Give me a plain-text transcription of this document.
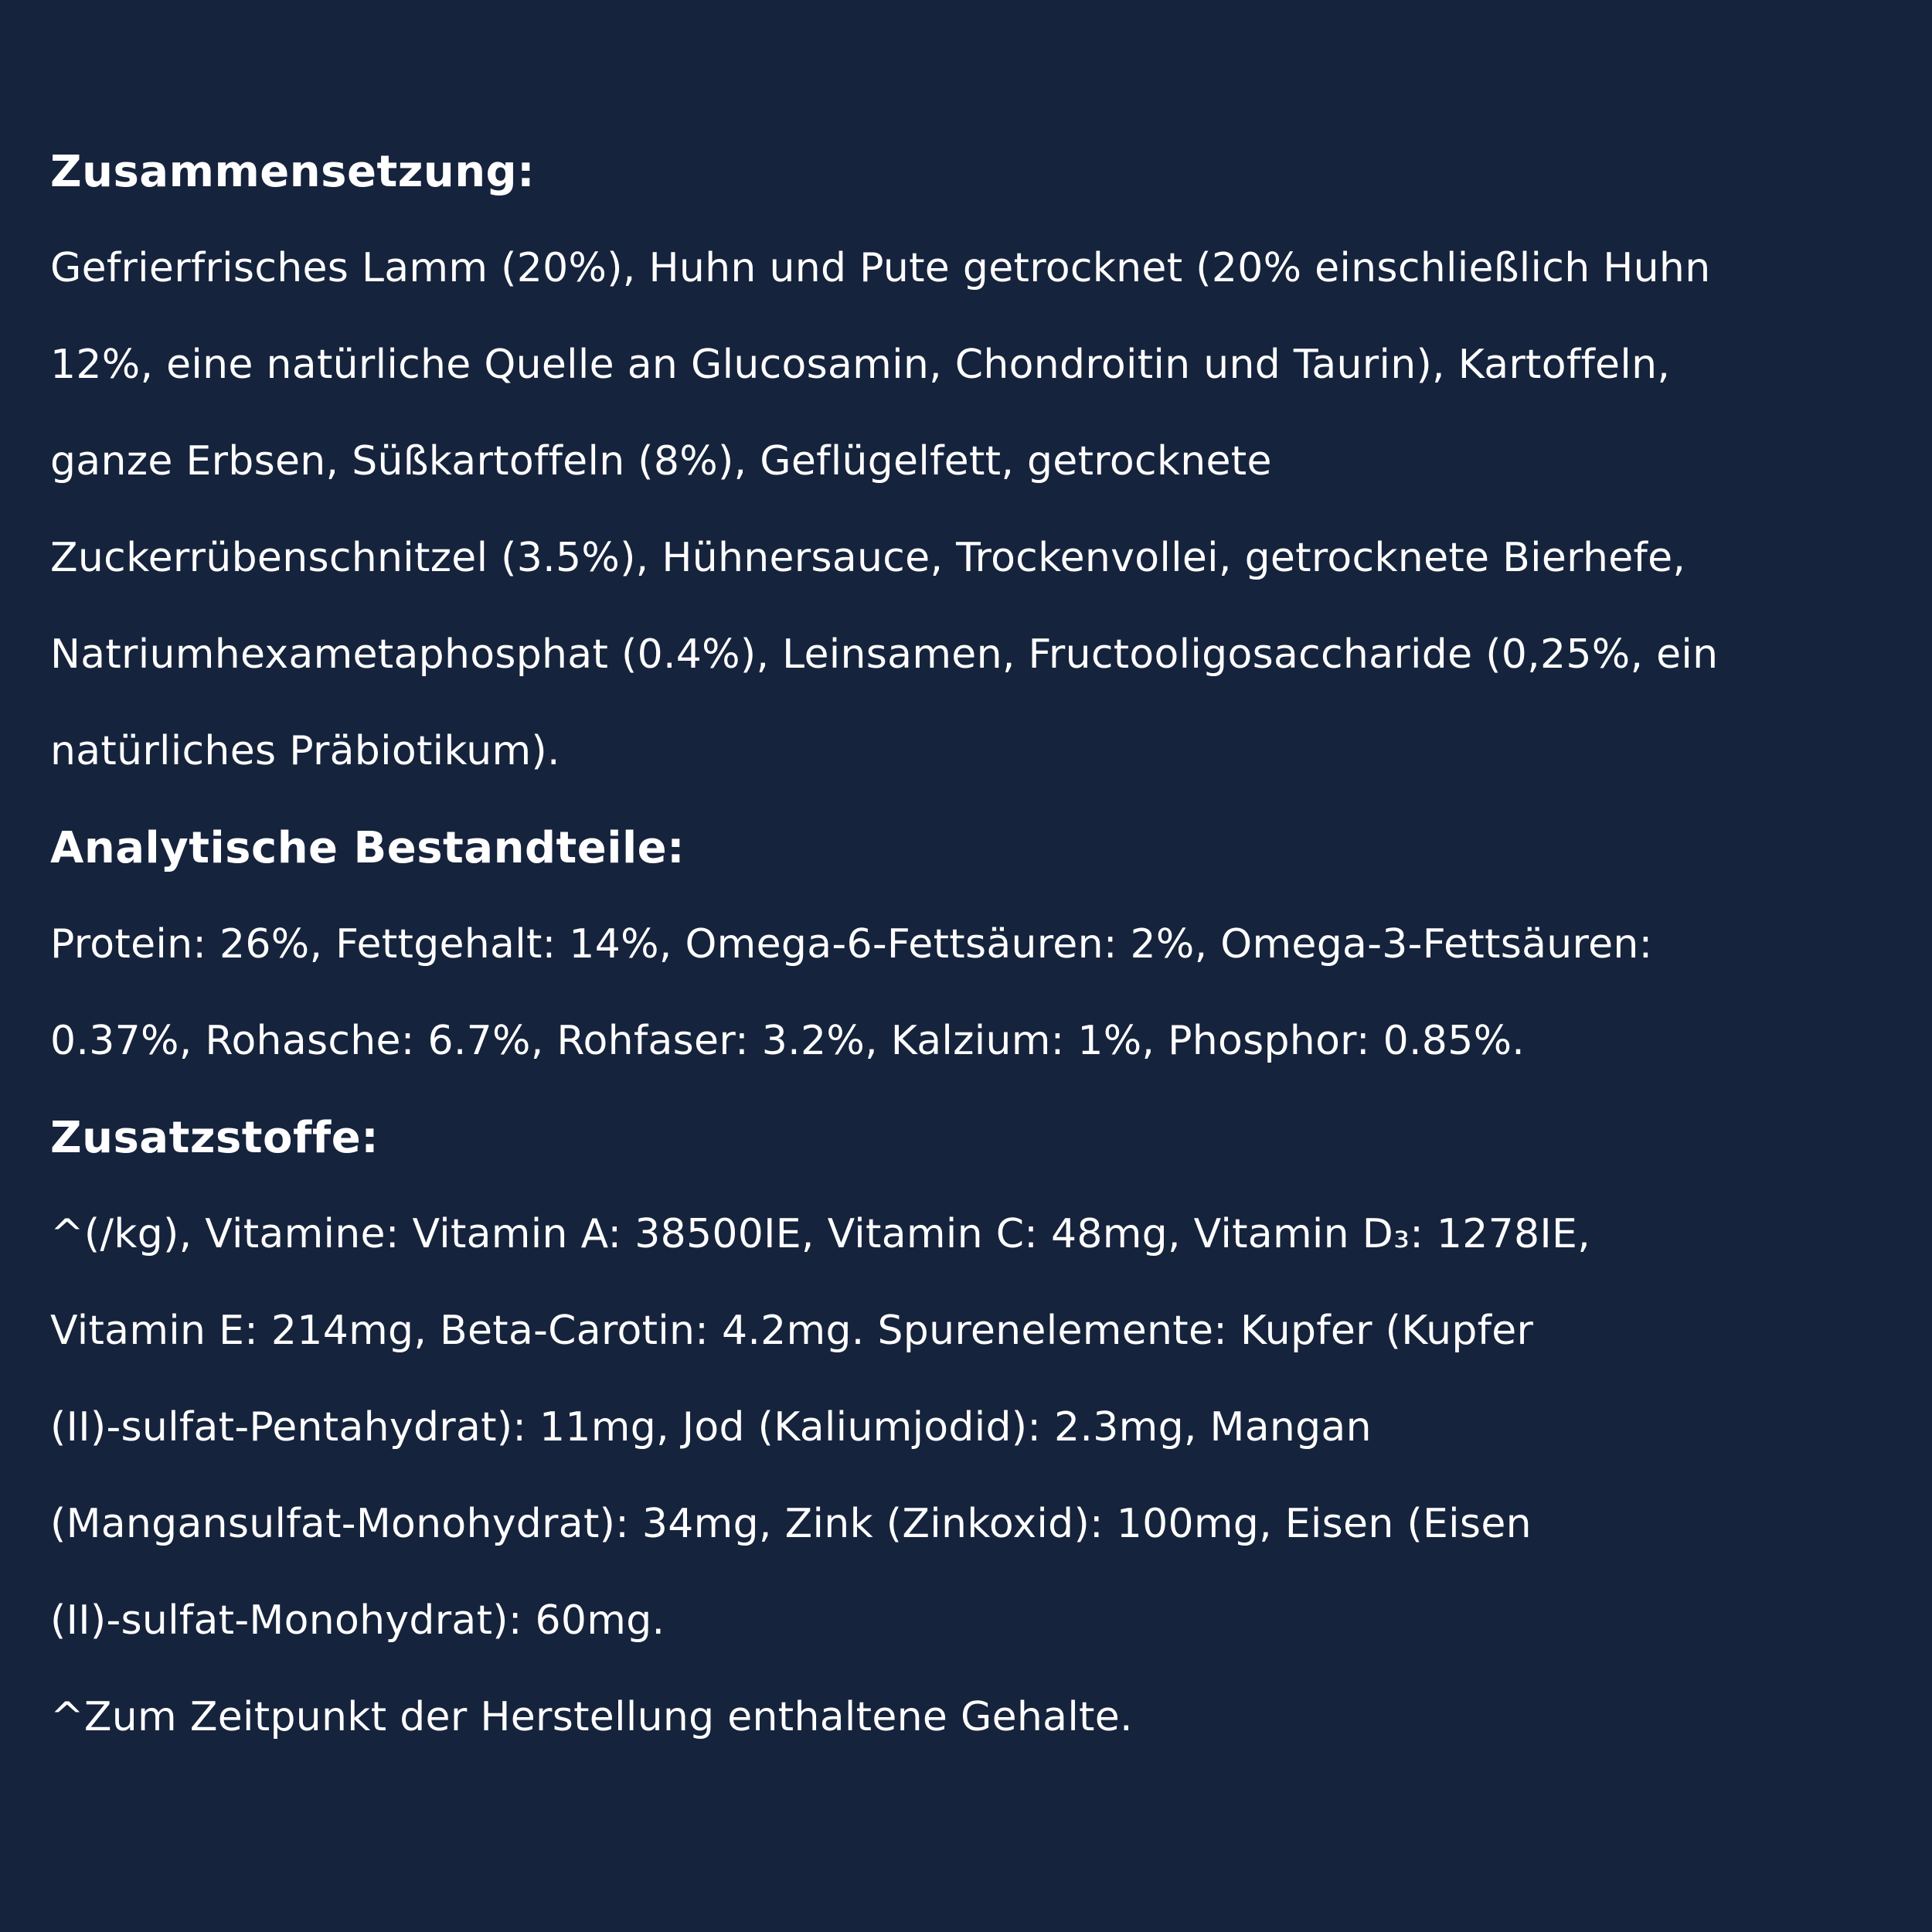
Zusammensetzung:
Gefrierfrisches Lamm (20%), Huhn und Pute getrocknet (20% einschließlich Huhn
12%, eine natürliche Quelle an Glucosamin, Chondroitin und Taurin), Kartoffeln,
ganze Erbsen, Süßkartoffeln (8%), Geflügelfett, getrocknete
Zuckerrübenschnitzel (3.5%), Hühnersauce, Trockenvollei, getrocknete Bierhefe,
Natriumhexametaphosphat (0.4%), Leinsamen, Fructooligosaccharide (0,25%, ein
natürliches Präbiotikum).
Analytische Bestandteile:
Protein: 26%, Fettgehalt: 14%, Omega-6-Fettsäuren: 2%, Omega-3-Fettsäuren:
0.37%, Rohasche: 6.7%, Rohfaser: 3.2%, Kalzium: 1%, Phosphor: 0.85%.
Zusatzstoffe:
^(/kg), Vitamine: Vitamin A: 38500IE, Vitamin C: 48mg, Vitamin D₃: 1278IE,
Vitamin E: 214mg, Beta-Carotin: 4.2mg. Spurenelemente: Kupfer (Kupfer
(II)-sulfat-Pentahydrat): 11mg, Jod (Kaliumjodid): 2.3mg, Mangan
(Mangansulfat-Monohydrat): 34mg, Zink (Zinkoxid): 100mg, Eisen (Eisen
(II)-sulfat-Monohydrat): 60mg.
^Zum Zeitpunkt der Herstellung enthaltene Gehalte.
